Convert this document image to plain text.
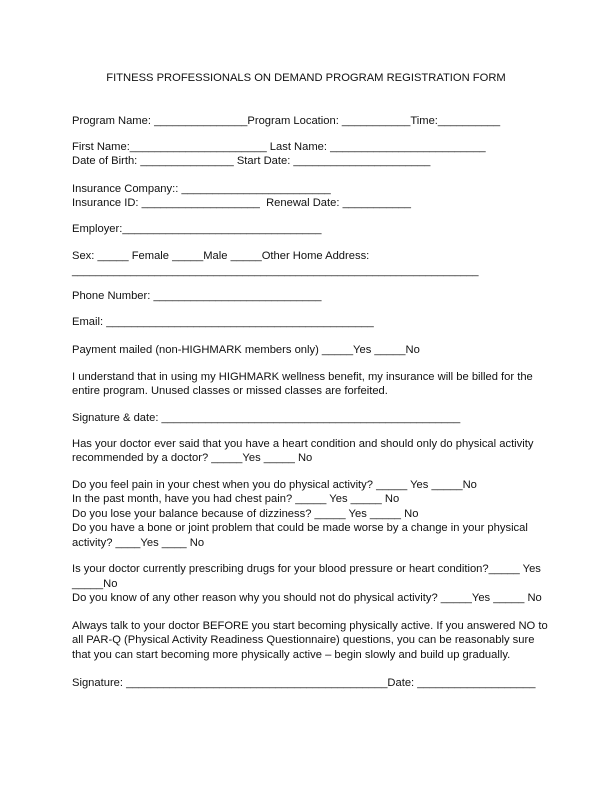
FITNESS PROFESSIONALS ON DEMAND PROGRAM REGISTRATION FORM
Program Name: _______________Program Location: ___________Time:__________
First Name:______________________ Last Name: _________________________
Date of Birth: _______________ Start Date: ______________________
Insurance Company:: ________________________
Insurance ID: ___________________  Renewal Date: ___________
Employer:________________________________
Sex: _____ Female _____Male _____Other Home Address:
_____________________________________________________________________
Phone Number: ___________________________
Email: ___________________________________________
Payment mailed (non-HIGHMARK members only) _____Yes _____No
I understand that in using my HIGHMARK wellness benefit, my insurance will be billed for the
entire program. Unused classes or missed classes are forfeited.
Signature & date: ________________________________________________
Has your doctor ever said that you have a heart condition and should only do physical activity
recommended by a doctor? _____Yes _____ No
Do you feel pain in your chest when you do physical activity? _____ Yes _____No
In the past month, have you had chest pain? _____ Yes _____ No
Do you lose your balance because of dizziness? _____ Yes _____ No
Do you have a bone or joint problem that could be made worse by a change in your physical
activity? ____Yes ____ No
Is your doctor currently prescribing drugs for your blood pressure or heart condition?_____ Yes
_____No
Do you know of any other reason why you should not do physical activity? _____Yes _____ No
Always talk to your doctor BEFORE you start becoming physically active. If you answered NO to
all PAR-Q (Physical Activity Readiness Questionnaire) questions, you can be reasonably sure
that you can start becoming more physically active – begin slowly and build up gradually.
Signature: __________________________________________Date: ___________________
